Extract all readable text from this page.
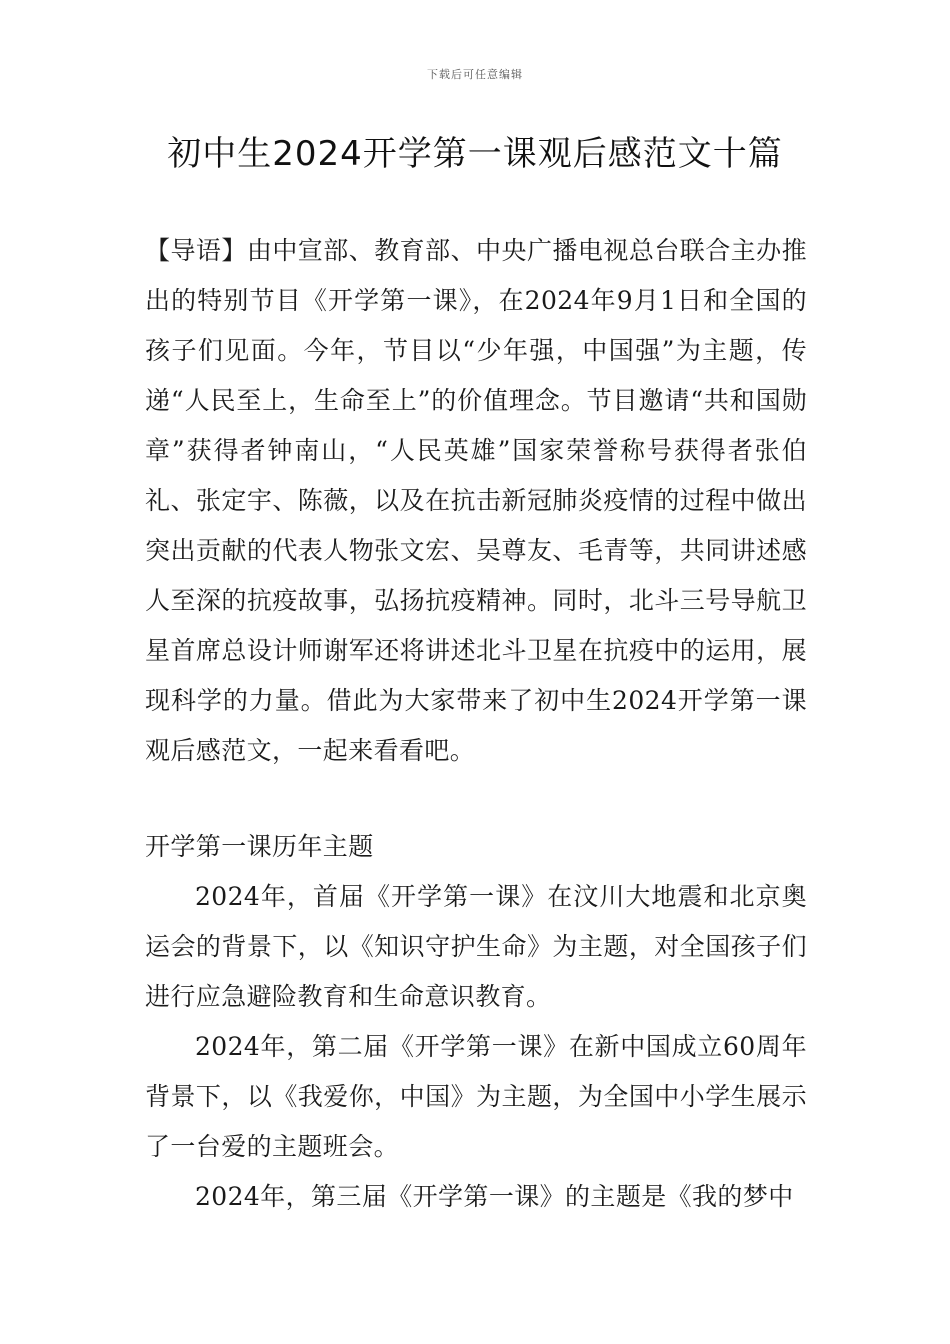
下载后可任意编辑
初中生2024开学第一课观后感范文十篇
【导语】由中宣部、教育部、中央广播电视总台联合主办推出的特别节目《开学第一课》，在2024年9月1日和全国的孩子们见面。今年，节目以“少年强，中国强”为主题，传递“人民至上，生命至上”的价值理念。节目邀请“共和国勋章”获得者钟南山，“人民英雄”国家荣誉称号获得者张伯礼、张定宇、陈薇，以及在抗击新冠肺炎疫情的过程中做出突出贡献的代表人物张文宏、吴尊友、毛青等，共同讲述感人至深的抗疫故事，弘扬抗疫精神。同时，北斗三号导航卫星首席总设计师谢军还将讲述北斗卫星在抗疫中的运用，展现科学的力量。借此为大家带来了初中生2024开学第一课观后感范文，一起来看看吧。
开学第一课历年主题
2024年，首届《开学第一课》在汶川大地震和北京奥运会的背景下，以《知识守护生命》为主题，对全国孩子们进行应急避险教育和生命意识教育。
2024年，第二届《开学第一课》在新中国成立60周年背景下，以《我爱你，中国》为主题，为全国中小学生展示了一台爱的主题班会。
2024年，第三届《开学第一课》的主题是《我的梦中
